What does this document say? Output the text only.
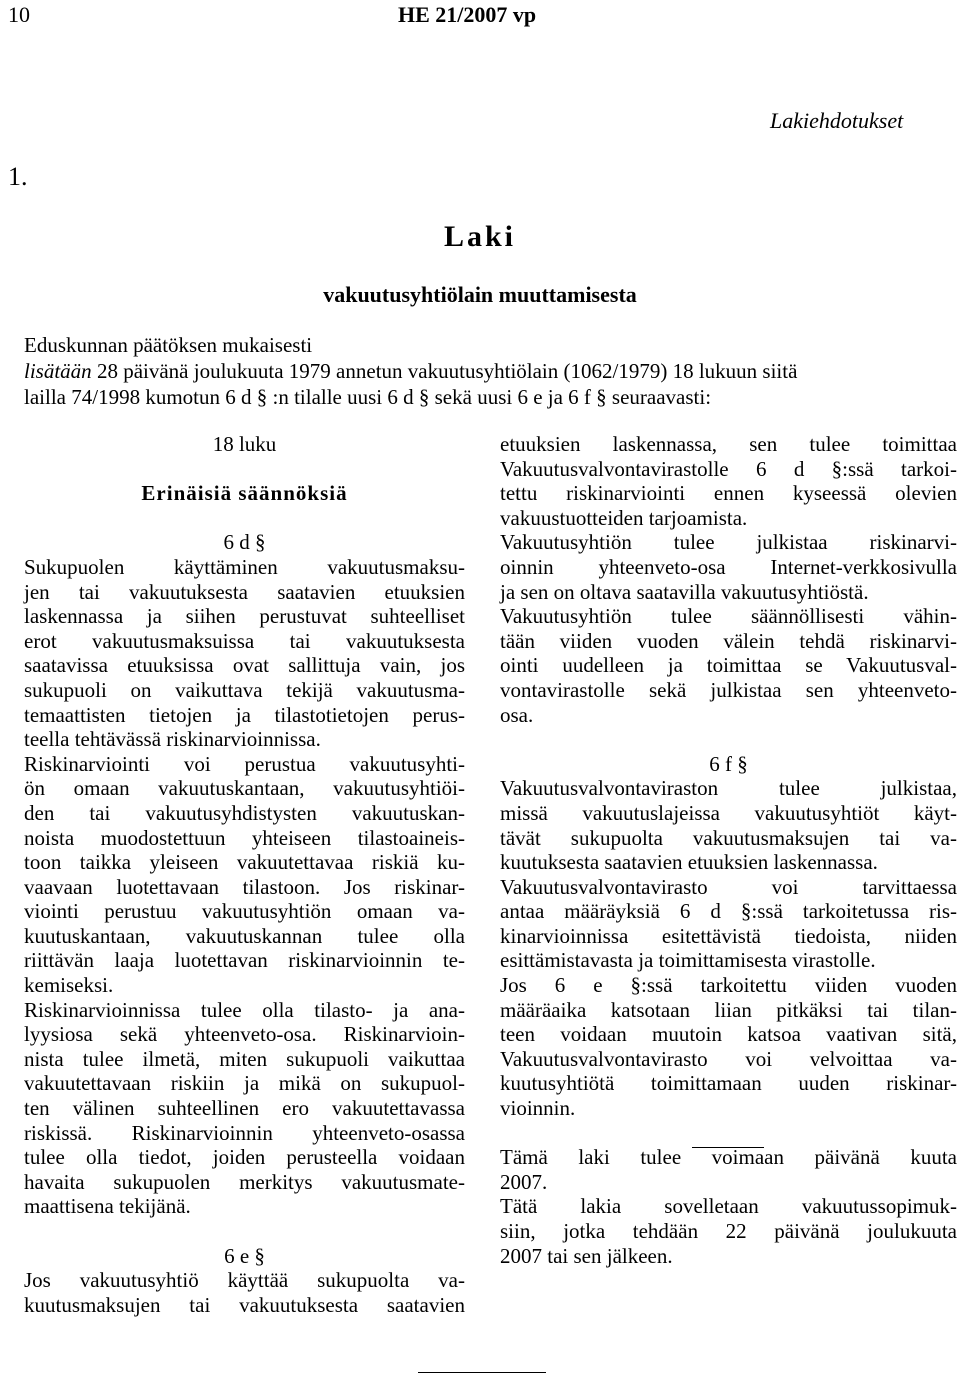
10	HE 21/2007 vp
Lakiehdotukset
1.
Laki
vakuutusyhtiölain muuttamisesta

Eduskunnan päätöksen mukaisesti

lisätään 28 päivänä joulukuuta 1979 annetun vakuutusyhtiölain (1062/1979) 18 lukuun siitä

lailla 74/1998 kumotun 6 d § :n tilalle uusi 6 d § sekä uusi 6 e ja 6 f § seuraavasti:

18 luku

Erinäisiä säännöksiä

6 d §

Sukupuolen käyttäminen vakuutusmaksu-
jen tai vakuutuksesta saatavien etuuksien
laskennassa ja siihen perustuvat suhteelliset
erot vakuutusmaksuissa tai vakuutuksesta
saatavissa etuuksissa ovat sallittuja vain, jos
sukupuoli on vaikuttava tekijä vakuutusma-
temaattisten tietojen ja tilastotietojen perus-
teella tehtävässä riskinarvioinnissa.
Riskinarviointi voi perustua vakuutusyhti-
ön omaan vakuutuskantaan, vakuutusyhtiöi-
den tai vakuutusyhdistysten vakuutuskan-
noista muodostettuun yhteiseen tilastoaineis-
toon taikka yleiseen vakuutettavaa riskiä ku-
vaavaan luotettavaan tilastoon. Jos riskinar-
viointi perustuu vakuutusyhtiön omaan va-
kuutuskantaan, vakuutuskannan tulee olla
riittävän laaja luotettavan riskinarvioinnin te-
kemiseksi.
Riskinarvioinnissa tulee olla tilasto- ja ana-
lyysiosa sekä yhteenveto-osa. Riskinarvioin-
nista tulee ilmetä, miten sukupuoli vaikuttaa
vakuutettavaan riskiin ja mikä on sukupuol-
ten välinen suhteellinen ero vakuutettavassa
riskissä. Riskinarvioinnin yhteenveto-osassa
tulee olla tiedot, joiden perusteella voidaan
havaita sukupuolen merkitys vakuutusmate-
maattisena tekijänä.

6 e §

Jos vakuutusyhtiö käyttää sukupuolta va-
kuutusmaksujen tai vakuutuksesta saatavien
etuuksien laskennassa, sen tulee toimittaa
Vakuutusvalvontavirastolle 6 d §:ssä tarkoi-
tettu riskinarviointi ennen kyseessä olevien
vakuustuotteiden tarjoamista.
Vakuutusyhtiön tulee julkistaa riskinarvi-
oinnin yhteenveto-osa Internet-verkkosivulla
ja sen on oltava saatavilla vakuutusyhtiöstä.
Vakuutusyhtiön tulee säännöllisesti vähin-
tään viiden vuoden välein tehdä riskinarvi-
ointi uudelleen ja toimittaa se Vakuutusval-
vontavirastolle sekä julkistaa sen yhteenveto-
osa.

6 f §

Vakuutusvalvontaviraston tulee julkistaa,
missä vakuutuslajeissa vakuutusyhtiöt käyt-
tävät sukupuolta vakuutusmaksujen tai va-
kuutuksesta saatavien etuuksien laskennassa.
Vakuutusvalvontavirasto voi tarvittaessa
antaa määräyksiä 6 d §:ssä tarkoitetussa ris-
kinarvioinnissa esitettävistä tiedoista, niiden
esittämistavasta ja toimittamisesta virastolle.
Jos 6 e §:ssä tarkoitettu viiden vuoden
määräaika katsotaan liian pitkäksi tai tilan-
teen voidaan muutoin katsoa vaativan sitä,
Vakuutusvalvontavirasto voi velvoittaa va-
kuutusyhtiötä toimittamaan uuden riskinar-
vioinnin.
Tämä laki tulee voimaan päivänä kuuta
2007.
Tätä lakia sovelletaan vakuutussopimuk-
siin, jotka tehdään 22 päivänä joulukuuta
2007 tai sen jälkeen.
